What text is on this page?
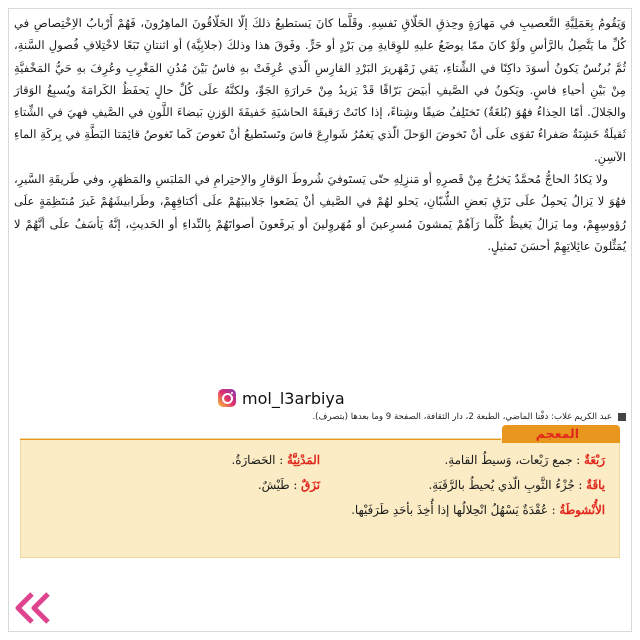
وَيَقُومُ بِعَمَلِيَّةِ التَّعصيبِ في مَهارَةٍ وحِذقِ الحَلّاقِ نَفسِهِ. وقَلَّما كانَ يَستطيعُ ذلكَ إلّا الحَلّاقُونَ الماهِرُونَ، فَهُمْ أَرْبابُ الاِخْتِصاصِ في كُلِّ ما يَتَّصِلُ بالرَّأسِ ولَوْ كانَ ممّا يوضَعُ عليهِ للوِقايةِ مِن بَرْدٍ أو حَرٍّ. وفَوقَ هذا وذلكَ (جلابِيَّة) أو اثنتانِ تَبَعًا لاخْتِلافِ فُصولِ السَّنةِ، ثُمَّ بُرنُسٌ يَكونُ أسوَدَ داكِنًا في الشِّتاءِ، يَقي زَمْهَريرَ البَرْدِ القارِسِ الّذي عُرِفَتْ بهِ فاسُ بَيْنَ مُدُنِ المَغْرِبِ وعُرِفَ بهِ حَيُّ المَخْفيَّةِ مِنْ بَيْنِ أحياءِ فاسٍ. ويَكونُ في الصَّيفِ أبيَضَ بَرّاقًا قَدْ يَزيدُ مِنْ حَرارَةِ الجَوِّ، ولكنَّهُ علَى كُلِّ حالٍ يَحفَظُ الكَرامَةَ ويُسبِغُ الوَقارَ والجَلالَ. أمّا الحِذاءُ فهُوَ (بُلغَةٌ) تَختَلِفُ صَيفًا وشِتاءً، إذا كانَتْ رَقيقَةَ الحاشيَةِ خَفيفَةَ الوَزنِ بَيضاءَ اللَّونِ في الصَّيفِ فهيَ في الشِّتاءِ ثَقيلَةٌ خَشِنَةٌ صَفراءُ تَقوَى علَى أنْ تَخوضَ الوَحلَ الّذي يَغمُرُ شَوارِعَ فاسَ وتَستَطيعُ أنْ تَغوصَ كَما تَغوصُ قائِمَتا البَطَّةِ في بِركَةِ الماءِ الآسِنِ.

ولا يَكادُ الحاجُّ مُحمَّدٌ يَخرُجُ مِنْ قَصرِهِ أو مَنزِلِهِ حتّى يَستَوفيَ شُروطَ الوَقارِ والاِحتِرامِ في المَلبَسِ والمَظهَرِ، وفي طَريقَةِ السَّيرِ، فهُوَ لا يَزالُ يَحمِلُ علَى نَزَقِ بَعضِ الشُّبّانِ، يَحلو لهُمْ في الصَّيفِ أنْ يَضَعوا جَلابيبَهُمْ علَى أكتافِهِمْ، وطَرابيشَهُمْ غَيرَ مُنتَظِمَةٍ علَى رُؤوسِهِمْ، وما يَزالُ يَغيظُ كُلَّما رَآهُمْ يَمشونَ مُسرِعينَ أو مُهَروِلينَ أو يَرفَعونَ أصواتَهُمْ بِالنِّداءِ أو الحَديثِ، إنَّهُ يَأسَفُ علَى أنَّهُمْ لا يُمَثِّلونَ عائِلاتِهِمْ أحسَنَ تَمثيلٍ.

mol_l3arbiya
عبد الكريم غلاب: دفْنا الماضي، الطبعة 2، دار الثقافة، الصفحة 9 وما بعدها (بتصرف).
المعجم
رَبْعَةٌ : جمع رَبْعات، وَسيطُ القامةِ.
المَدْنِيَّةُ : الحَضارَةُ.
ياقَةٌ : جُزْءُ الثَّوبِ الّذي يُحيطُ بالرَّقَبَةِ.
نَزَقٌ : طَيْشٌ.
الأُنْشوطَةُ : عُقْدَةٌ يَسْهُلُ انْحِلالُها إذا أُخِذَ بأحَدِ طَرَفَيْها.
